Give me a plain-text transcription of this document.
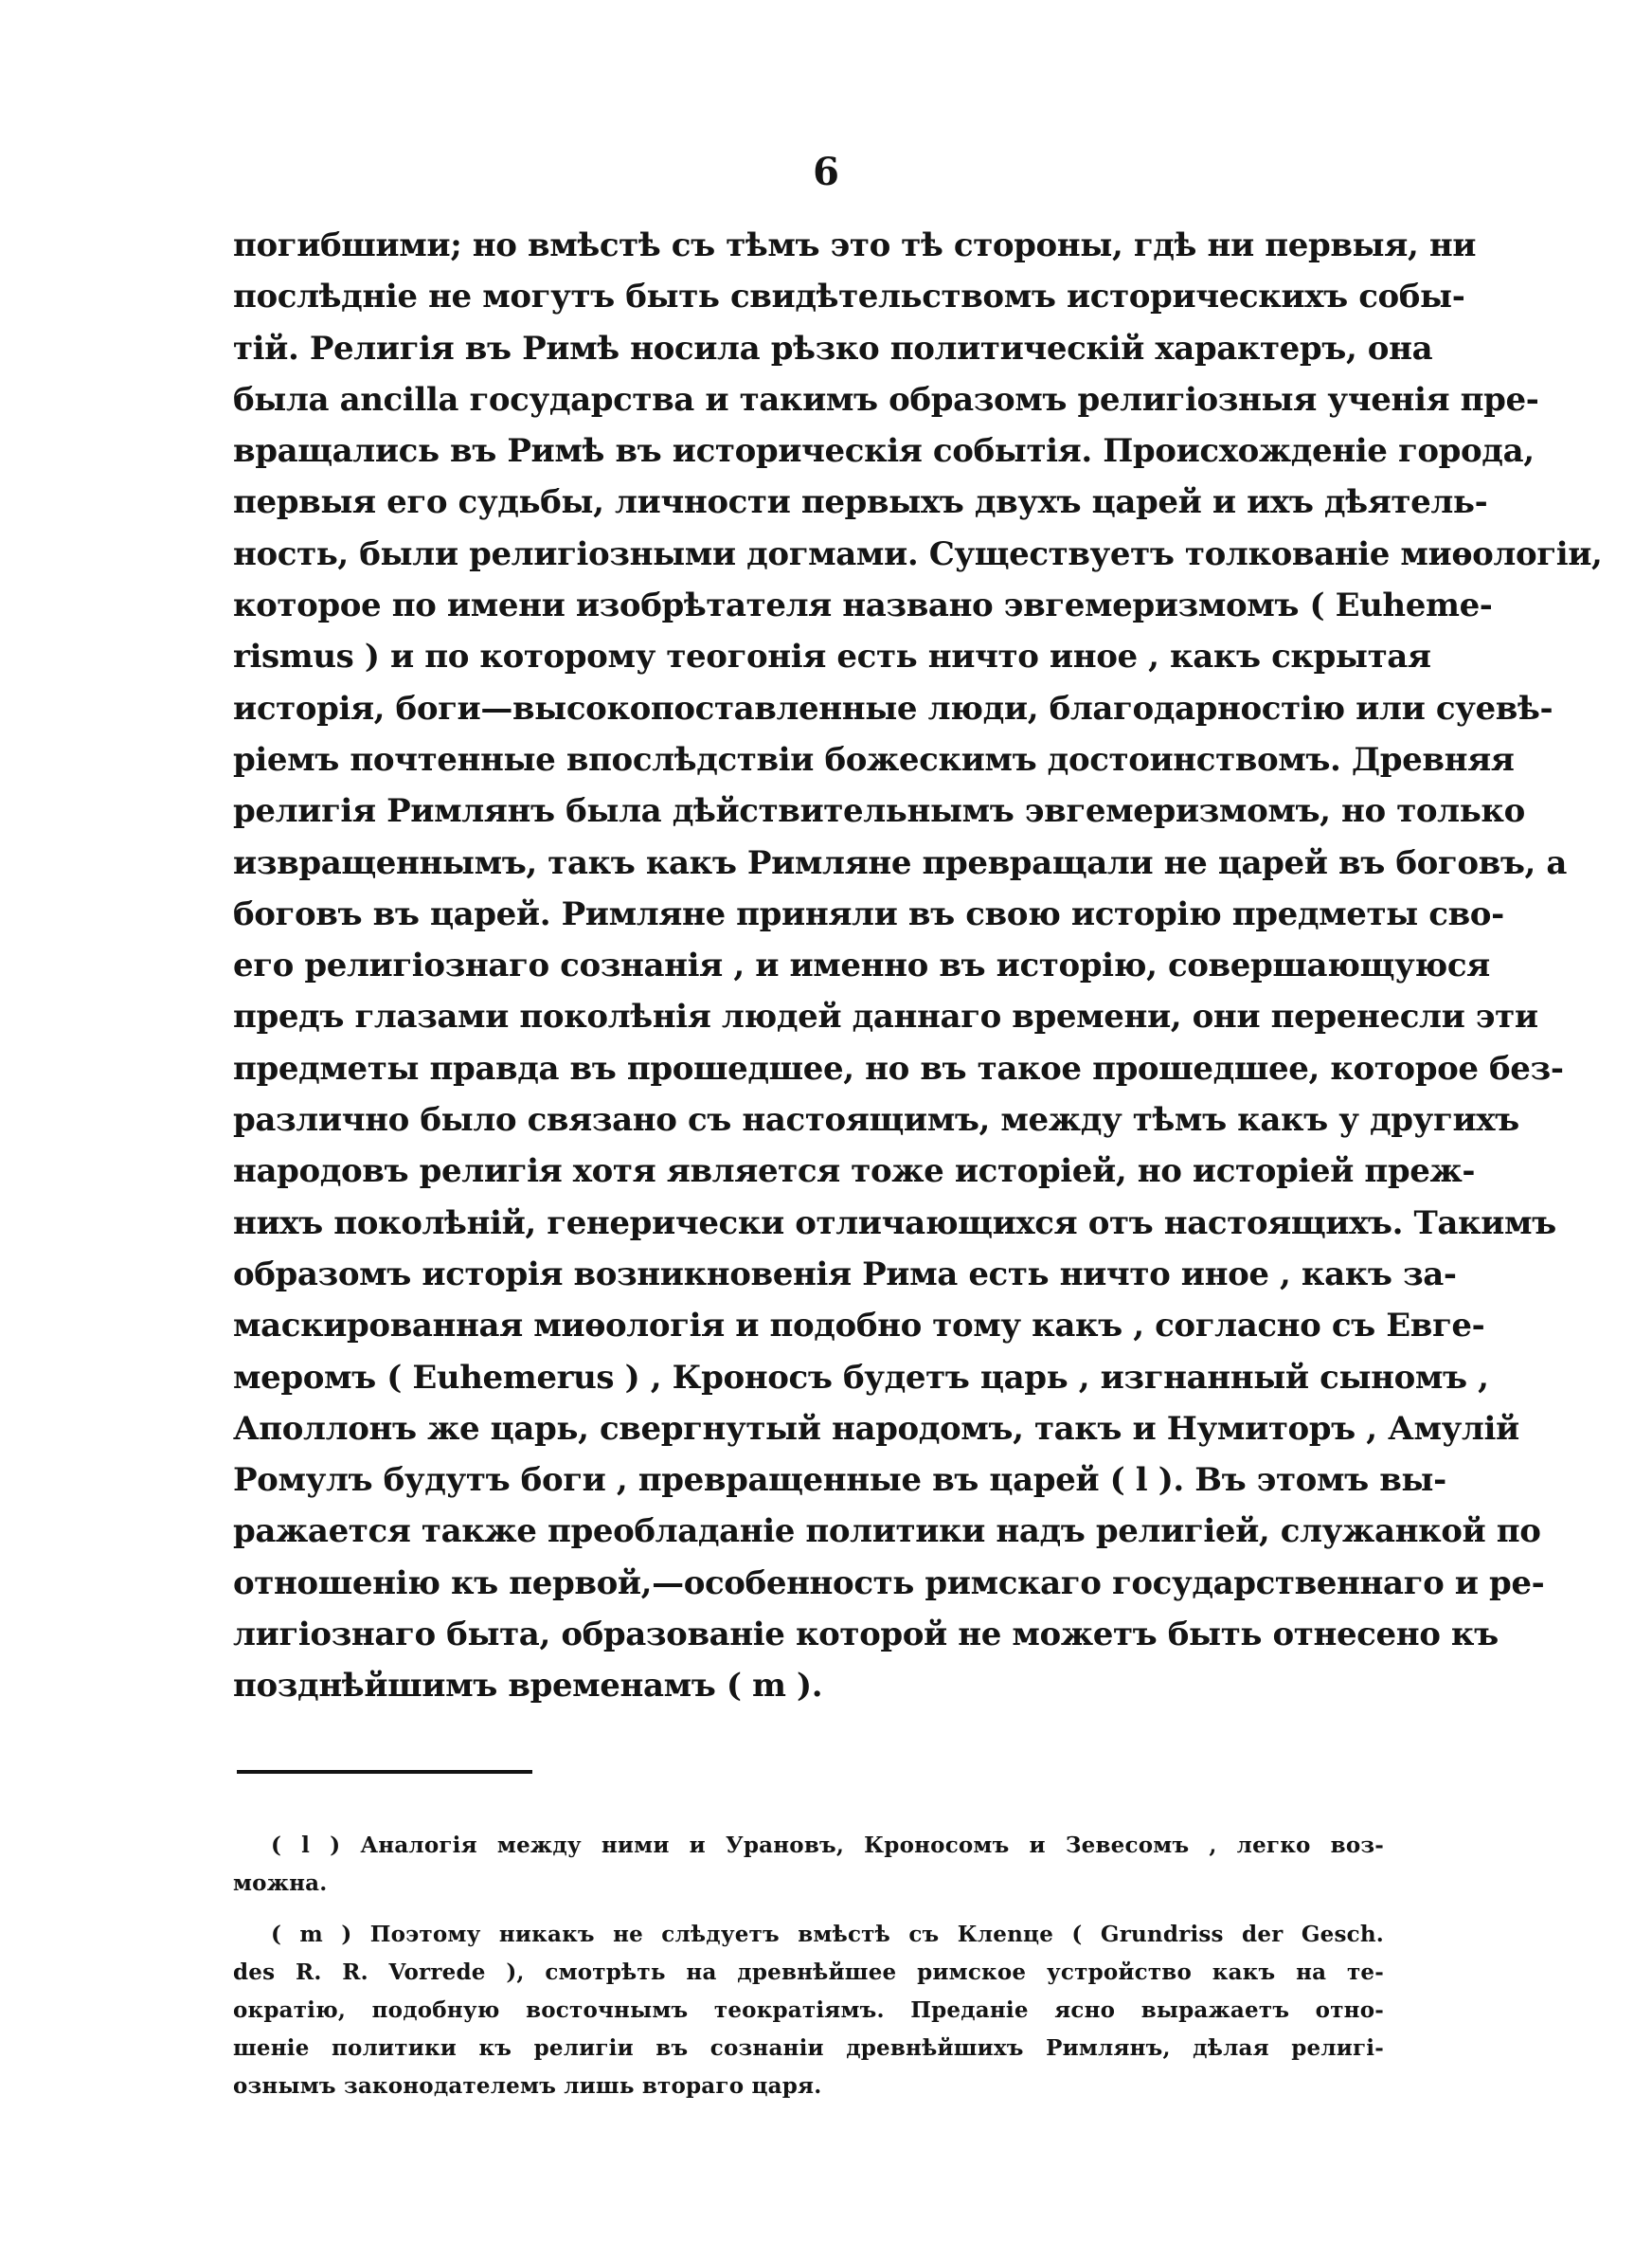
6
погибшими; но вмѣстѣ съ тѣмъ это тѣ стороны, гдѣ ни первыя, ни
послѣдніе не могутъ быть свидѣтельствомъ историческихъ собы-
тій. Религія въ Римѣ носила рѣзко политическій характеръ, она
была ancilla государства и такимъ образомъ религіозныя ученія пре-
вращались въ Римѣ въ историческія событія. Происхожденіе города,
первыя его судьбы, личности первыхъ двухъ царей и ихъ дѣятель-
ность, были религіозными догмами. Существуетъ толкованіе миѳологіи,
которое по имени изобрѣтателя названо эвгемеризмомъ ( Euheme-
rismus ) и по которому теогонія есть ничто иное , какъ скрытая
исторія, боги—высокопоставленные люди, благодарностію или суевѣ-
ріемъ почтенные впослѣдствіи божескимъ достоинствомъ. Древняя
религія Римлянъ была дѣйствительнымъ эвгемеризмомъ, но только
извращеннымъ, такъ какъ Римляне превращали не царей въ боговъ, а
боговъ въ царей. Римляне приняли въ свою исторію предметы сво-
его религіознаго сознанія , и именно въ исторію, совершающуюся
предъ глазами поколѣнія людей даннаго времени, они перенесли эти
предметы правда въ прошедшее, но въ такое прошедшее, которое без-
различно было связано съ настоящимъ, между тѣмъ какъ у другихъ
народовъ религія хотя является тоже исторіей, но исторіей преж-
нихъ поколѣній, генерически отличающихся отъ настоящихъ. Такимъ
образомъ исторія возникновенія Рима есть ничто иное , какъ за-
маскированная миѳологія и подобно тому какъ , согласно съ Евге-
меромъ ( Euhemerus ) , Кроносъ будетъ царь , изгнанный сыномъ ,
Аполлонъ же царь, свергнутый народомъ, такъ и Нумиторъ , Амулій
Ромулъ будутъ боги , превращенные въ царей ( l ). Въ этомъ вы-
ражается также преобладаніе политики надъ религіей, служанкой по
отношенію къ первой,—особенность римскаго государственнаго и ре-
лигіознаго быта, образованіе которой не можетъ быть отнесено къ
позднѣйшимъ временамъ ( m ).
( l ) Аналогія между ними и Урановъ, Кроносомъ и Зевесомъ , легко воз-
можна.
( m ) Поэтому никакъ не слѣдуетъ вмѣстѣ съ Клеnце ( Grundriss der Gesch.
des R. R. Vorrede ), смотрѣть на древнѣйшее римское устройство какъ на те-
ократію, подобную восточнымъ теократіямъ. Преданіе ясно выражаетъ отно-
шеніе политики къ религіи въ сознаніи древнѣйшихъ Римлянъ, дѣлая религі-
ознымъ законодателемъ лишь втораго царя.
